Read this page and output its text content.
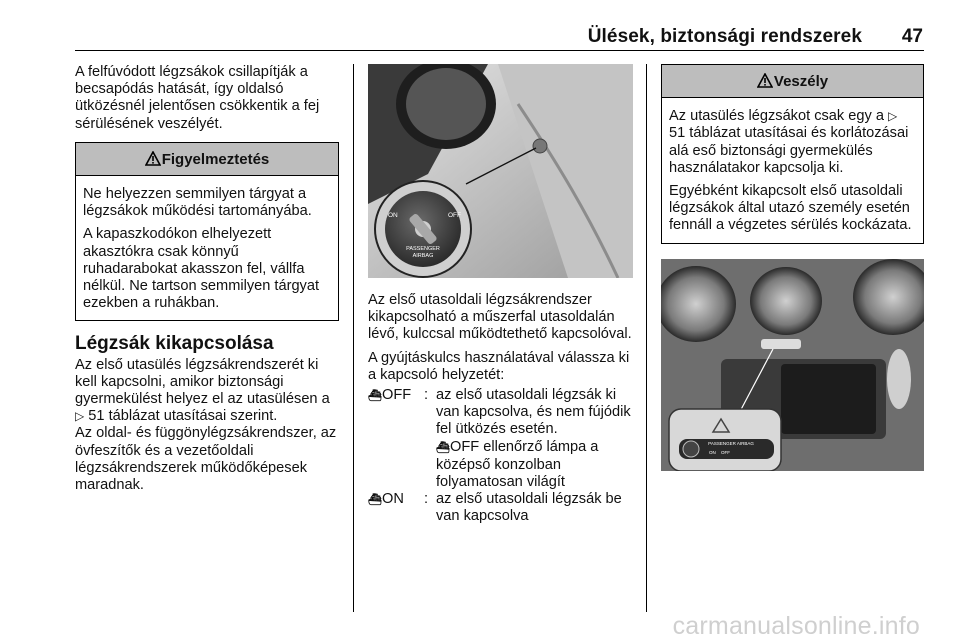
Ülések, biztonsági rendszerek 47

A felfúvódott légzsákok csillapítják a becsapódás hatását, így oldalsó ütközésnél jelentősen csökkentik a fej sérülésének veszélyét.

Figyelmeztetés

Ne helyezzen semmilyen tárgyat a légzsákok működési tartományába.

A kapaszkodókon elhelyezett akasztókra csak könnyű ruhadarabokat akasszon fel, vállfa nélkül. Ne tartson semmilyen tárgyat ezekben a ruhákban.

Légzsák kikapcsolása

Az első utasülés légzsákrendszerét ki kell kapcsolni, amikor biztonsági gyermekülést helyez el az utasülésen a ▷ 51 táblázat utasításai szerint.

Az oldal- és függönylégzsákrendszer, az övfeszítők és a vezetőoldali légzsákrendszerek működőképesek maradnak.

ON	OFF
PASSENGER
AIRBAG

Az első utasoldali légzsákrendszer kikapcsolható a műszerfal utasoldalán lévő, kulccsal működtethető kapcsolóval.

A gyújtáskulcs használatával válassza ki a kapcsoló helyzetét:

⛴OFF : az első utasoldali légzsák ki van kapcsolva, és nem fújódik fel ütközés esetén.
⛴OFF ellenőrző lámpa a középső konzolban folyamatosan világít
⛴ON	: az első utasoldali légzsák be van kapcsolva
Veszély

Az utasülés légzsákot csak egy a ▷ 51 táblázat utasításai és korlátozásai alá eső biztonsági gyermekülés használatakor kapcsolja ki.

Egyébként kikapcsolt első utasoldali légzsákok által utazó személy esetén fennáll a végzetes sérülés kockázata.

PASSENGER AIRBAG
ON OFF
carmanualsonline.info
